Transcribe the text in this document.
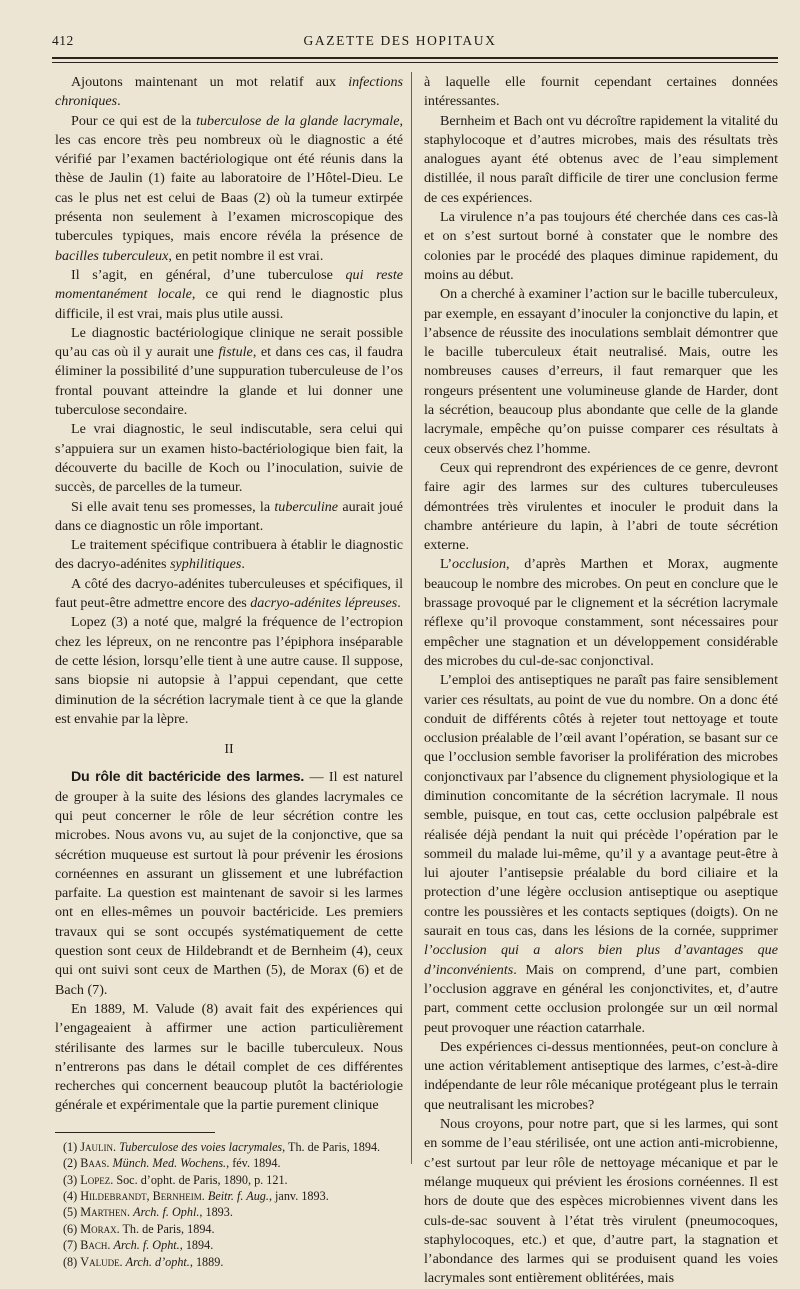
412	GAZETTE DES HOPITAUX

Ajoutons maintenant un mot relatif aux infections chroniques.

Pour ce qui est de la tuberculose de la glande lacrymale, les cas encore très peu nombreux où le diagnostic a été vérifié par l’examen bactériologique ont été réunis dans la thèse de Jaulin (1) faite au laboratoire de l’Hôtel-Dieu. Le cas le plus net est celui de Baas (2) où la tumeur extirpée présenta non seulement à l’examen microscopique des tubercules typiques, mais encore révéla la présence de bacilles tuberculeux, en petit nombre il est vrai.

Il s’agit, en général, d’une tuberculose qui reste momentanément locale, ce qui rend le diagnostic plus difficile, il est vrai, mais plus utile aussi.

Le diagnostic bactériologique clinique ne serait possible qu’au cas où il y aurait une fistule, et dans ces cas, il faudra éliminer la possibilité d’une suppuration tuberculeuse de l’os frontal pouvant atteindre la glande et lui donner une tuberculose secondaire.

Le vrai diagnostic, le seul indiscutable, sera celui qui s’appuiera sur un examen histo-bactériologique bien fait, la découverte du bacille de Koch ou l’inoculation, suivie de succès, de parcelles de la tumeur.

Si elle avait tenu ses promesses, la tuberculine aurait joué dans ce diagnostic un rôle important.

Le traitement spécifique contribuera à établir le diagnostic des dacryo-adénites syphilitiques.

A côté des dacryo-adénites tuberculeuses et spécifiques, il faut peut-être admettre encore des dacryo-adénites lépreuses.

Lopez (3) a noté que, malgré la fréquence de l’ectropion chez les lépreux, on ne rencontre pas l’épiphora inséparable de cette lésion, lorsqu’elle tient à une autre cause. Il suppose, sans biopsie ni autopsie à l’appui cependant, que cette diminution de la sécrétion lacrymale tient à ce que la glande est envahie par la lèpre.

II

Du rôle dit bactéricide des larmes. — Il est naturel de grouper à la suite des lésions des glandes lacrymales ce qui peut concerner le rôle de leur sécrétion contre les microbes. Nous avons vu, au sujet de la conjonctive, que sa sécrétion muqueuse est surtout là pour prévenir les érosions cornéennes en assurant un glissement et une lubréfaction parfaite. La question est maintenant de savoir si les larmes ont en elles-mêmes un pouvoir bactéricide. Les premiers travaux qui se sont occupés systématiquement de cette question sont ceux de Hildebrandt et de Bernheim (4), ceux qui ont suivi sont ceux de Marthen (5), de Morax (6) et de Bach (7).

En 1889, M. Valude (8) avait fait des expériences qui l’engageaient à affirmer une action particulièrement stérilisante des larmes sur le bacille tuberculeux. Nous n’entrerons pas dans le détail complet de ces différentes recherches qui concernent beaucoup plutôt la bactériologie générale et expérimentale que la partie purement clinique

(1) Jaulin. Tuberculose des voies lacrymales, Th. de Paris, 1894.
(2) Baas. Münch. Med. Wochens., fév. 1894.
(3) Lopez. Soc. d’opht. de Paris, 1890, p. 121.
(4) Hildebrandt, Bernheim. Beitr. f. Aug., janv. 1893.
(5) Marthen. Arch. f. Ophl., 1893.
(6) Morax. Th. de Paris, 1894.
(7) Bach. Arch. f. Opht., 1894.
(8) Valude. Arch. d’opht., 1889.

à laquelle elle fournit cependant certaines données intéressantes.

Bernheim et Bach ont vu décroître rapidement la vitalité du staphylocoque et d’autres microbes, mais des résultats très analogues ayant été obtenus avec de l’eau simplement distillée, il nous paraît difficile de tirer une conclusion ferme de ces expériences.

La virulence n’a pas toujours été cherchée dans ces cas-là et on s’est surtout borné à constater que le nombre des colonies par le procédé des plaques diminue rapidement, du moins au début.

On a cherché à examiner l’action sur le bacille tuberculeux, par exemple, en essayant d’inoculer la conjonctive du lapin, et l’absence de réussite des inoculations semblait démontrer que le bacille tuberculeux était neutralisé. Mais, outre les nombreuses causes d’erreurs, il faut remarquer que les rongeurs présentent une volumineuse glande de Harder, dont la sécrétion, beaucoup plus abondante que celle de la glande lacrymale, empêche qu’on puisse comparer ces résultats à ceux observés chez l’homme.

Ceux qui reprendront des expériences de ce genre, devront faire agir des larmes sur des cultures tuberculeuses démontrées très virulentes et inoculer le produit dans la chambre antérieure du lapin, à l’abri de toute sécrétion externe.

L’occlusion, d’après Marthen et Morax, augmente beaucoup le nombre des microbes. On peut en conclure que le brassage provoqué par le clignement et la sécrétion lacrymale réflexe qu’il provoque constamment, sont nécessaires pour empêcher une stagnation et un développement considérable des microbes du cul-de-sac conjonctival.

L’emploi des antiseptiques ne paraît pas faire sensiblement varier ces résultats, au point de vue du nombre. On a donc été conduit de différents côtés à rejeter tout nettoyage et toute occlusion préalable de l’œil avant l’opération, se basant sur ce que l’occlusion semble favoriser la prolifération des microbes conjonctivaux par l’absence du clignement physiologique et la diminution concomitante de la sécrétion lacrymale. Il nous semble, puisque, en tout cas, cette occlusion palpébrale est réalisée déjà pendant la nuit qui précède l’opération par le sommeil du malade lui-même, qu’il y a avantage peut-être à lui ajouter l’antisepsie préalable du bord ciliaire et la protection d’une légère occlusion antiseptique ou aseptique contre les poussières et les contacts septiques (doigts). On ne saurait en tous cas, dans les lésions de la cornée, supprimer l’occlusion qui a alors bien plus d’avantages que d’inconvénients. Mais on comprend, d’une part, combien l’occlusion aggrave en général les conjonctivites, et, d’autre part, comment cette occlusion prolongée sur un œil normal peut provoquer une réaction catarrhale.

Des expériences ci-dessus mentionnées, peut-on conclure à une action véritablement antiseptique des larmes, c’est-à-dire indépendante de leur rôle mécanique protégeant plus le terrain que neutralisant les microbes?

Nous croyons, pour notre part, que si les larmes, qui sont en somme de l’eau stérilisée, ont une action anti-microbienne, c’est surtout par leur rôle de nettoyage mécanique et par le mélange muqueux qui prévient les érosions cornéennes. Il est hors de doute que des espèces microbiennes vivent dans les culs-de-sac souvent à l’état très virulent (pneumocoques, staphylocoques, etc.) et que, d’autre part, la stagnation et l’abondance des larmes qui se produisent quand les voies lacrymales sont entièrement oblitérées, mais
